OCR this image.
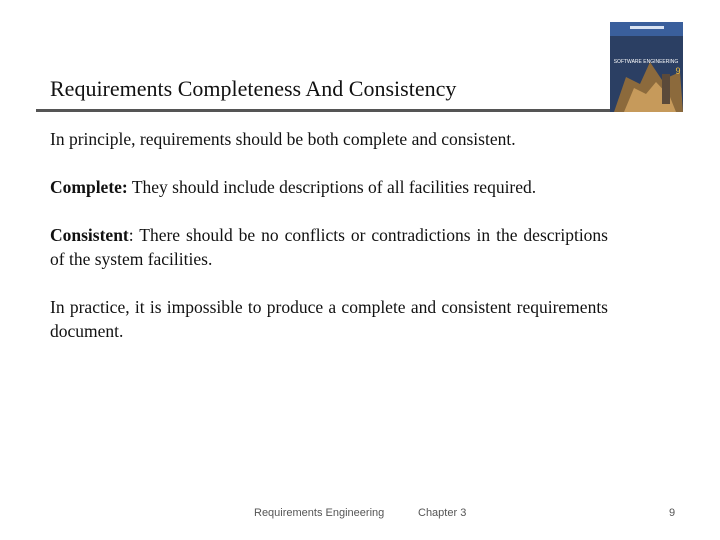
Requirements Completeness And Consistency
SOFTWARE ENGINEERING
9
In principle, requirements should be both complete and consistent.
Complete: They should include descriptions of all facilities required.
Consistent: There should be no conflicts or contradictions in the descriptions of the system facilities.
In practice, it is impossible to produce a complete and consistent requirements document.
Requirements Engineering	Chapter 3	9
